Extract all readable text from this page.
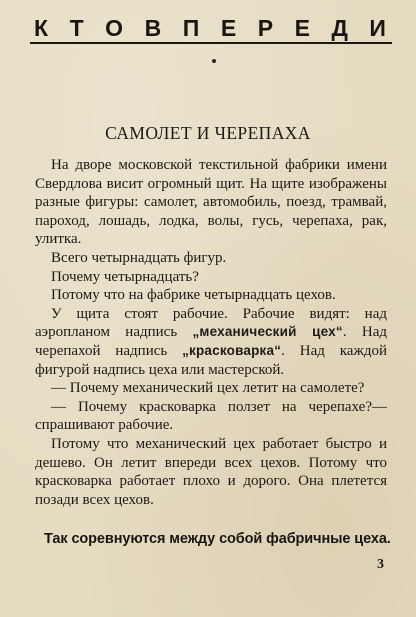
К Т О В П Е Р Е Д И
САМОЛЕТ И ЧЕРЕПАХА

На дворе московской текстильной фабрики имени Свердлова висит огромный щит. На щите изображены разные фигуры: самолет, автомобиль, поезд, трамвай, пароход, лошадь, лодка, волы, гусь, черепаха, рак, улитка.

Всего четырнадцать фигур.

Почему четырнадцать?

Потому что на фабрике четырнадцать цехов.

У щита стоят рабочие. Рабочие видят: над аэропланом надпись „механический цех“. Над черепахой надпись „красковарка“. Над каждой фигурой надпись цеха или мастерской.

— Почему механический цех летит на самолете?

— Почему красковарка ползет на черепахе?— спрашивают рабочие.

Потому что механический цех работает быстро и дешево. Он летит впереди всех цехов. Потому что красковарка работает плохо и дорого. Она плетется позади всех цехов.

Так соревнуются между собой фабричные цеха.
3
